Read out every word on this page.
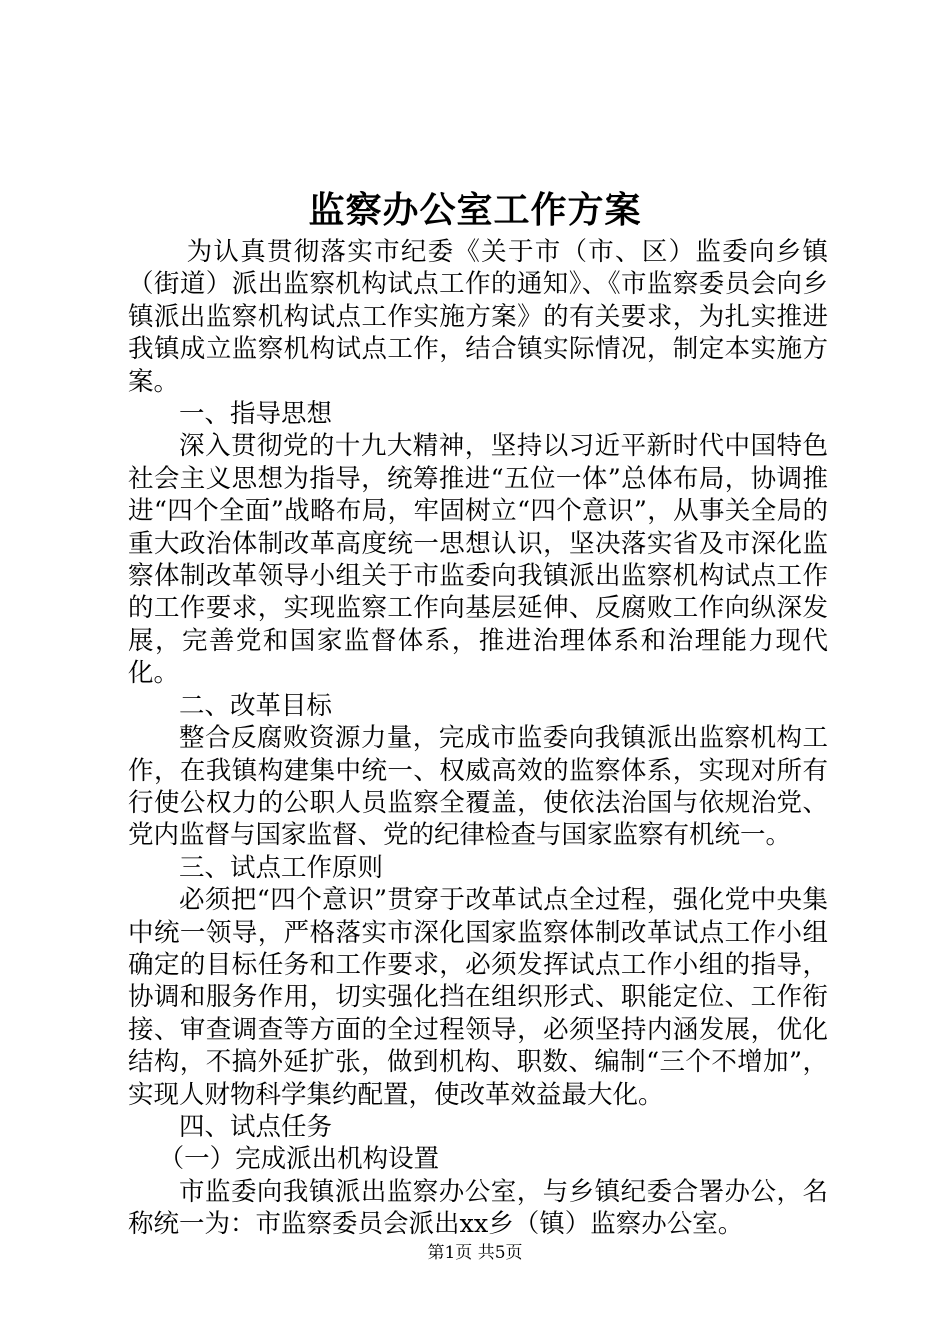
监察办公室工作方案

为认真贯彻落实市纪委《关于市（市、区）监委向乡镇（街道）派出监察机构试点工作的通知》、《市监察委员会向乡镇派出监察机构试点工作实施方案》的有关要求，为扎实推进我镇成立监察机构试点工作，结合镇实际情况，制定本实施方案。

一、指导思想

深入贯彻党的十九大精神，坚持以习近平新时代中国特色社会主义思想为指导，统筹推进“五位一体”总体布局，协调推进“四个全面”战略布局，牢固树立“四个意识”，从事关全局的重大政治体制改革高度统一思想认识，坚决落实省及市深化监察体制改革领导小组关于市监委向我镇派出监察机构试点工作的工作要求，实现监察工作向基层延伸、反腐败工作向纵深发展，完善党和国家监督体系，推进治理体系和治理能力现代化。

二、改革目标

整合反腐败资源力量，完成市监委向我镇派出监察机构工作，在我镇构建集中统一、权威高效的监察体系，实现对所有行使公权力的公职人员监察全覆盖，使依法治国与依规治党、党内监督与国家监督、党的纪律检查与国家监察有机统一。

三、试点工作原则

必须把“四个意识”贯穿于改革试点全过程，强化党中央集中统一领导，严格落实市深化国家监察体制改革试点工作小组确定的目标任务和工作要求，必须发挥试点工作小组的指导，协调和服务作用，切实强化挡在组织形式、职能定位、工作衔接、审查调查等方面的全过程领导，必须坚持内涵发展，优化结构，不搞外延扩张，做到机构、职数、编制“三个不增加”，实现人财物科学集约配置，使改革效益最大化。

四、试点任务

（一）完成派出机构设置

市监委向我镇派出监察办公室，与乡镇纪委合署办公，名称统一为：市监察委员会派出xx乡（镇）监察办公室。

第1页 共5页
